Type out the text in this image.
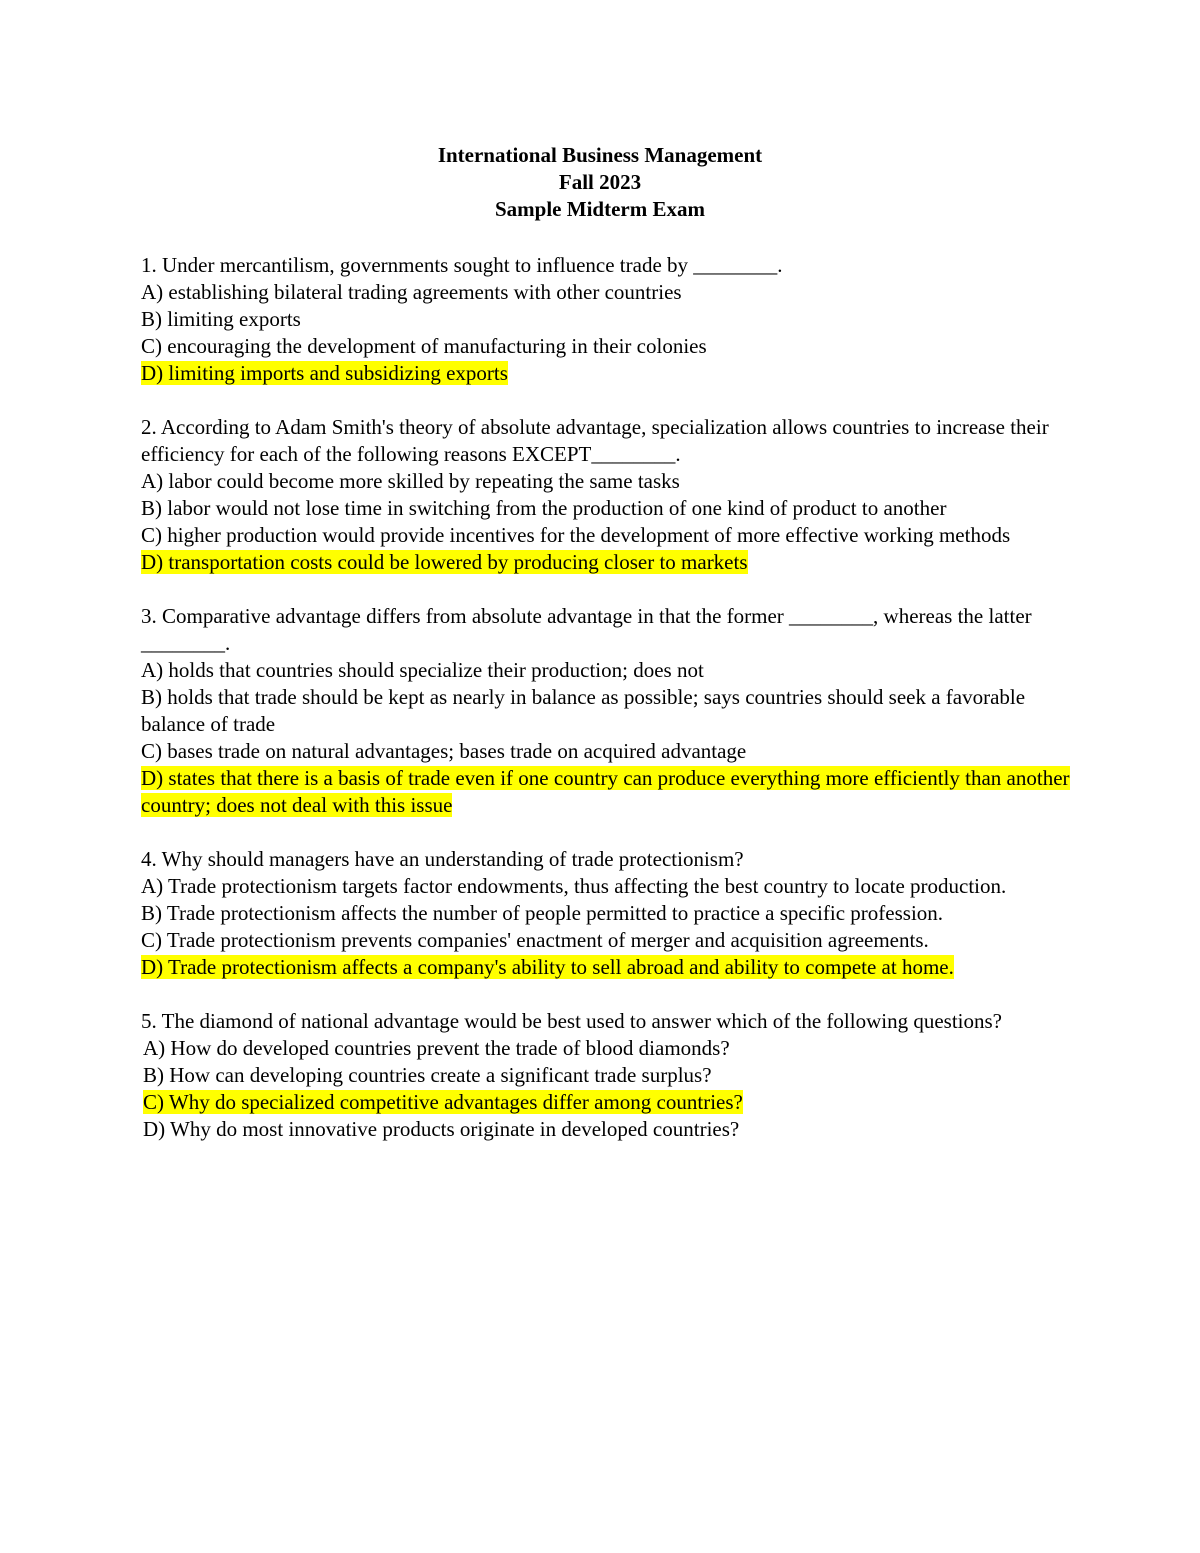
International Business Management
Fall 2023
Sample Midterm Exam

1. Under mercantilism, governments sought to influence trade by ________.

A) establishing bilateral trading agreements with other countries

B) limiting exports

C) encouraging the development of manufacturing in their colonies

D) limiting imports and subsidizing exports

2. According to Adam Smith's theory of absolute advantage, specialization allows countries to increase their efficiency for each of the following reasons EXCEPT________.

A) labor could become more skilled by repeating the same tasks

B) labor would not lose time in switching from the production of one kind of product to another

C) higher production would provide incentives for the development of more effective working methods

D) transportation costs could be lowered by producing closer to markets

3. Comparative advantage differs from absolute advantage in that the former ________, whereas the latter ________.

A) holds that countries should specialize their production; does not

B) holds that trade should be kept as nearly in balance as possible; says countries should seek a favorable balance of trade

C) bases trade on natural advantages; bases trade on acquired advantage

D) states that there is a basis of trade even if one country can produce everything more efficiently than another country; does not deal with this issue

4. Why should managers have an understanding of trade protectionism?

A) Trade protectionism targets factor endowments, thus affecting the best country to locate production.

B) Trade protectionism affects the number of people permitted to practice a specific profession.

C) Trade protectionism prevents companies' enactment of merger and acquisition agreements.

D) Trade protectionism affects a company's ability to sell abroad and ability to compete at home.

5. The diamond of national advantage would be best used to answer which of the following questions?

A) How do developed countries prevent the trade of blood diamonds?

B) How can developing countries create a significant trade surplus?

C) Why do specialized competitive advantages differ among countries?

D) Why do most innovative products originate in developed countries?
